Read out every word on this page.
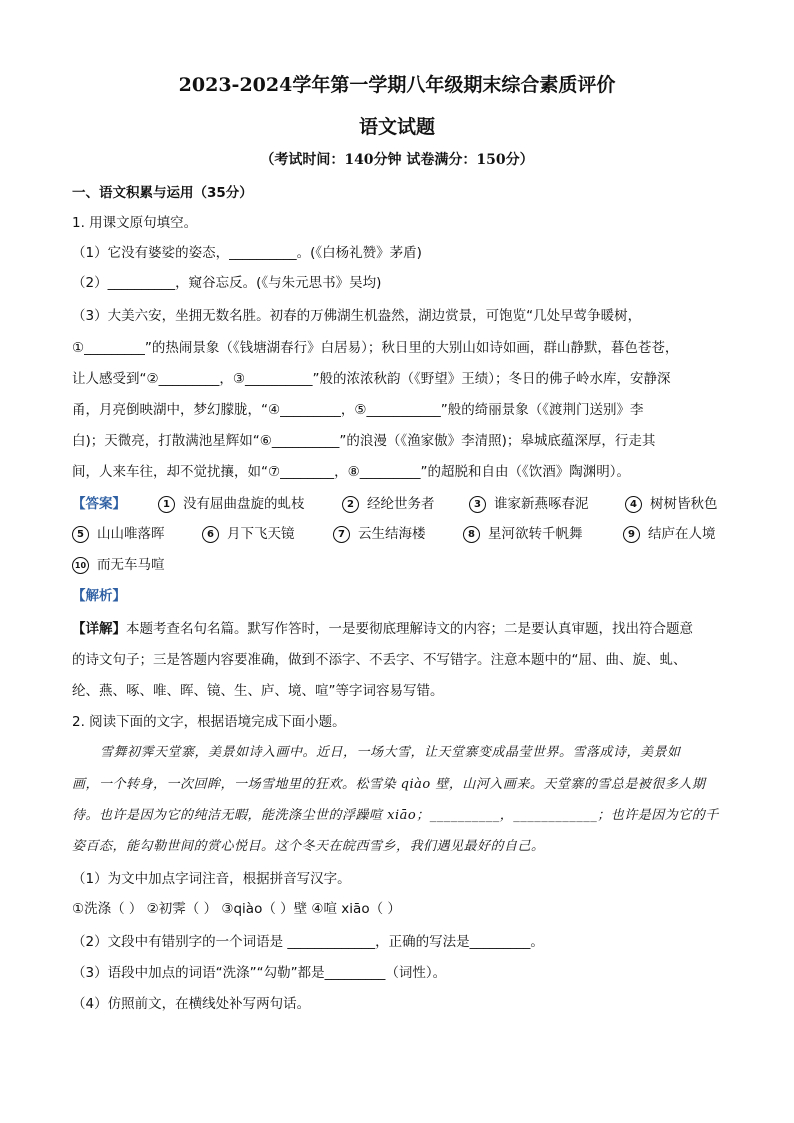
2023-2024学年第一学期八年级期末综合素质评价
语文试题
（考试时间：140分钟 试卷满分：150分）
一、语文积累与运用（35分）
1. 用课文原句填空。
（1）它没有婆娑的姿态，__________。(《白杨礼赞》茅盾)
（2）__________，窥谷忘反。(《与朱元思书》吴均)
（3）大美六安，坐拥无数名胜。初春的万佛湖生机盎然，湖边赏景，可饱览“几处早莺争暖树，
①_________”的热闹景象（《钱塘湖春行》白居易）；秋日里的大别山如诗如画，群山静默，暮色苍苍，
让人感受到“②_________，③__________”般的浓浓秋韵（《野望》王绩）；冬日的佛子岭水库，安静深
甬，月亮倒映湖中，梦幻朦胧，“④_________，⑤___________”般的绮丽景象（《渡荆门送别》李
白)；天微亮，打散满池星辉如“⑥__________”的浪漫（《渔家傲》李清照)；皋城底蕴深厚，行走其
间，人来车往，却不觉扰攘，如“⑦________，⑧_________”的超脱和自由（《饮酒》陶渊明）。
【答案】	1 没有屈曲盘旋的虬枝	2 经纶世务者	3 谁家新燕啄春泥	4 树树皆秋色
5 山山唯落晖	6 月下飞天镜	7 云生结海楼	8 星河欲转千帆舞	9 结庐在人境
10 而无车马喧
【解析】
【详解】本题考查名句名篇。默写作答时，一是要彻底理解诗文的内容；二是要认真审题，找出符合题意
的诗文句子；三是答题内容要准确，做到不添字、不丢字、不写错字。注意本题中的“屈、曲、旋、虬、
纶、燕、啄、唯、晖、镜、生、庐、境、喧”等字词容易写错。
2. 阅读下面的文字，根据语境完成下面小题。
雪舞初霁天堂寨，美景如诗入画中。近日，一场大雪，让天堂寨变成晶莹世界。雪落成诗，美景如
画，一个转身，一次回眸，一场雪地里的狂欢。松雪染 qiào 壁，山河入画来。天堂寨的雪总是被很多人期
待。也许是因为它的纯洁无暇，能洗涤尘世的浮躁喧 xiāo；__________，____________；也许是因为它的千
姿百态，能勾勒世间的赏心悦目。这个冬天在皖西雪乡，我们遇见最好的自己。
（1）为文中加点字词注音，根据拼音写汉字。
①洗涤（ ） ②初霁（ ） ③qiào（ ）壁 ④喧 xiāo（ ）
（2）文段中有错别字的一个词语是 _____________，正确的写法是_________。
（3）语段中加点的词语“洗涤”“勾勒”都是_________（词性）。
（4）仿照前文，在横线处补写两句话。
